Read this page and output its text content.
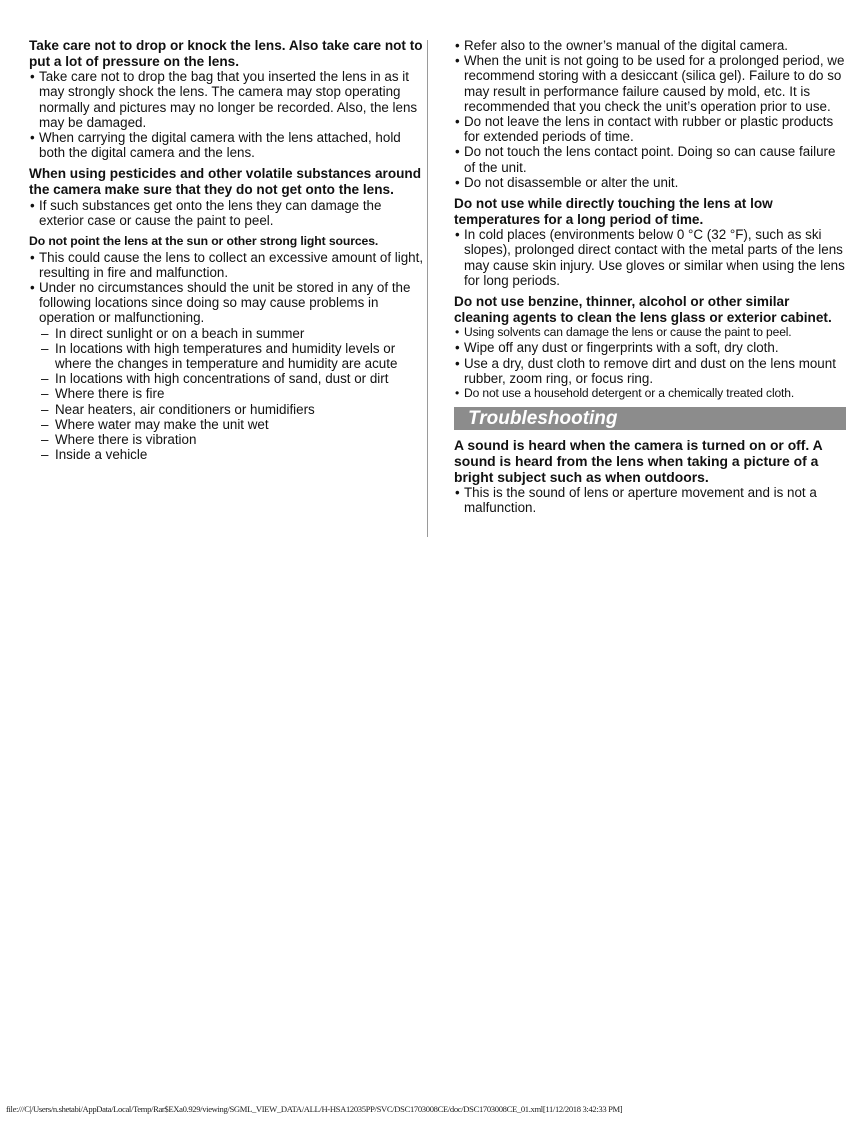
Take care not to drop or knock the lens. Also take care not to put a lot of pressure on the lens.
• Take care not to drop the bag that you inserted the lens in as it may strongly shock the lens. The camera may stop operating normally and pictures may no longer be recorded. Also, the lens may be damaged.
• When carrying the digital camera with the lens attached, hold both the digital camera and the lens.
When using pesticides and other volatile substances around the camera make sure that they do not get onto the lens.
• If such substances get onto the lens they can damage the exterior case or cause the paint to peel.
Do not point the lens at the sun or other strong light sources.
• This could cause the lens to collect an excessive amount of light, resulting in fire and malfunction.
• Under no circumstances should the unit be stored in any of the following locations since doing so may cause problems in operation or malfunctioning.
– In direct sunlight or on a beach in summer
– In locations with high temperatures and humidity levels or where the changes in temperature and humidity are acute
– In locations with high concentrations of sand, dust or dirt
– Where there is fire
– Near heaters, air conditioners or humidifiers
– Where water may make the unit wet
– Where there is vibration
– Inside a vehicle
• Refer also to the owner’s manual of the digital camera.
• When the unit is not going to be used for a prolonged period, we recommend storing with a desiccant (silica gel). Failure to do so may result in performance failure caused by mold, etc. It is recommended that you check the unit’s operation prior to use.
• Do not leave the lens in contact with rubber or plastic products for extended periods of time.
• Do not touch the lens contact point. Doing so can cause failure of the unit.
• Do not disassemble or alter the unit.
Do not use while directly touching the lens at low temperatures for a long period of time.
• In cold places (environments below 0 °C (32 °F), such as ski slopes), prolonged direct contact with the metal parts of the lens may cause skin injury. Use gloves or similar when using the lens for long periods.
Do not use benzine, thinner, alcohol or other similar cleaning agents to clean the lens glass or exterior cabinet.
• Using solvents can damage the lens or cause the paint to peel.
• Wipe off any dust or fingerprints with a soft, dry cloth.
• Use a dry, dust cloth to remove dirt and dust on the lens mount rubber, zoom ring, or focus ring.
• Do not use a household detergent or a chemically treated cloth.
Troubleshooting
A sound is heard when the camera is turned on or off. A sound is heard from the lens when taking a picture of a bright subject such as when outdoors.
• This is the sound of lens or aperture movement and is not a malfunction.
file:///C|/Users/n.shetabi/AppData/Local/Temp/Rar$EXa0.929/viewing/SGML_VIEW_DATA/ALL/H-HSA12035PP/SVC/DSC1703008CE/doc/DSC1703008CE_01.xml[11/12/2018 3:42:33 PM]
